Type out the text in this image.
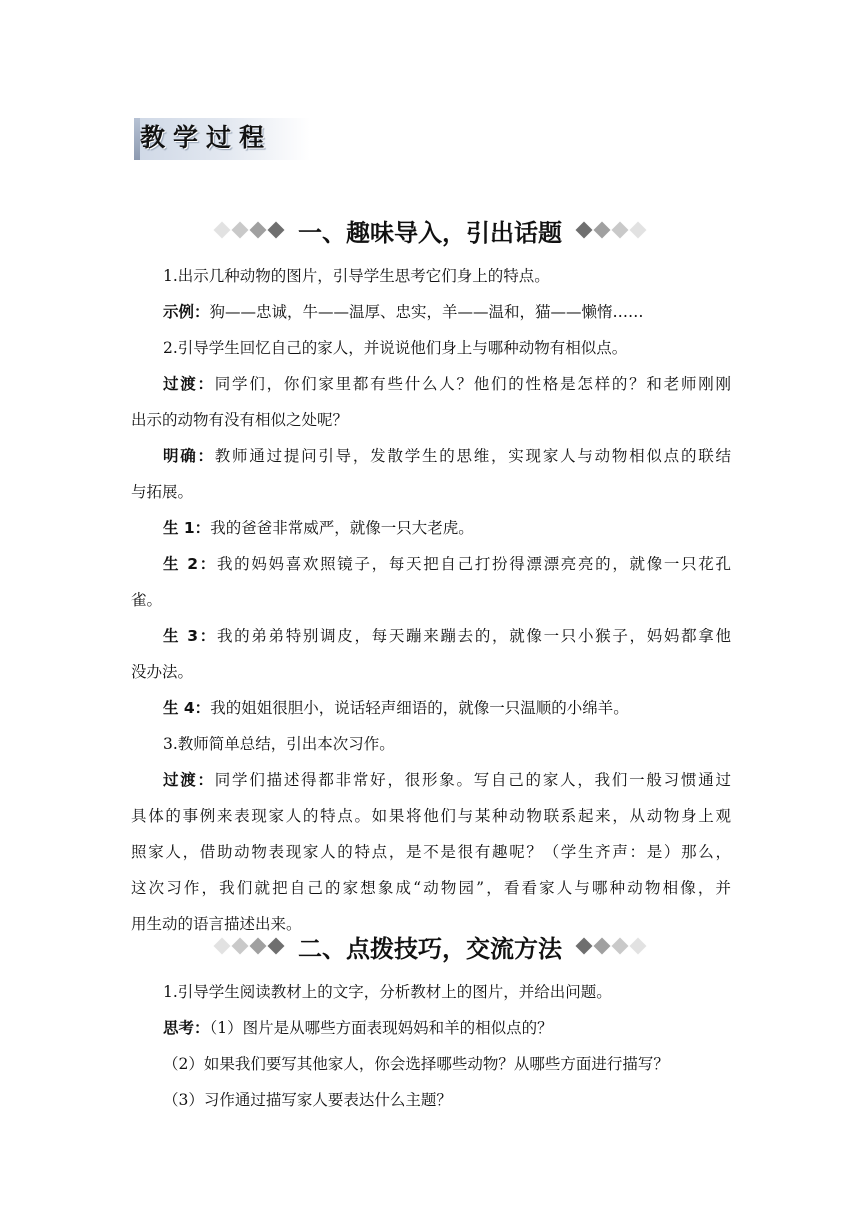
教学过程
一、趣味导入，引出话题

1.出示几种动物的图片，引导学生思考它们身上的特点。

示例：狗——忠诚，牛——温厚、忠实，羊——温和，猫——懒惰……

2.引导学生回忆自己的家人，并说说他们身上与哪种动物有相似点。

过渡：同学们，你们家里都有些什么人？他们的性格是怎样的？和老师刚刚

出示的动物有没有相似之处呢？

明确：教师通过提问引导，发散学生的思维，实现家人与动物相似点的联结

与拓展。

生 1：我的爸爸非常威严，就像一只大老虎。

生 2：我的妈妈喜欢照镜子，每天把自己打扮得漂漂亮亮的，就像一只花孔

雀。

生 3：我的弟弟特别调皮，每天蹦来蹦去的，就像一只小猴子，妈妈都拿他

没办法。

生 4：我的姐姐很胆小，说话轻声细语的，就像一只温顺的小绵羊。

3.教师简单总结，引出本次习作。

过渡：同学们描述得都非常好，很形象。写自己的家人，我们一般习惯通过

具体的事例来表现家人的特点。如果将他们与某种动物联系起来，从动物身上观

照家人，借助动物表现家人的特点，是不是很有趣呢？（学生齐声：是）那么，

这次习作，我们就把自己的家想象成“动物园”，看看家人与哪种动物相像，并

用生动的语言描述出来。

二、点拨技巧，交流方法

1.引导学生阅读教材上的文字，分析教材上的图片，并给出问题。

思考：（1）图片是从哪些方面表现妈妈和羊的相似点的？

（2）如果我们要写其他家人，你会选择哪些动物？从哪些方面进行描写？

（3）习作通过描写家人要表达什么主题？
